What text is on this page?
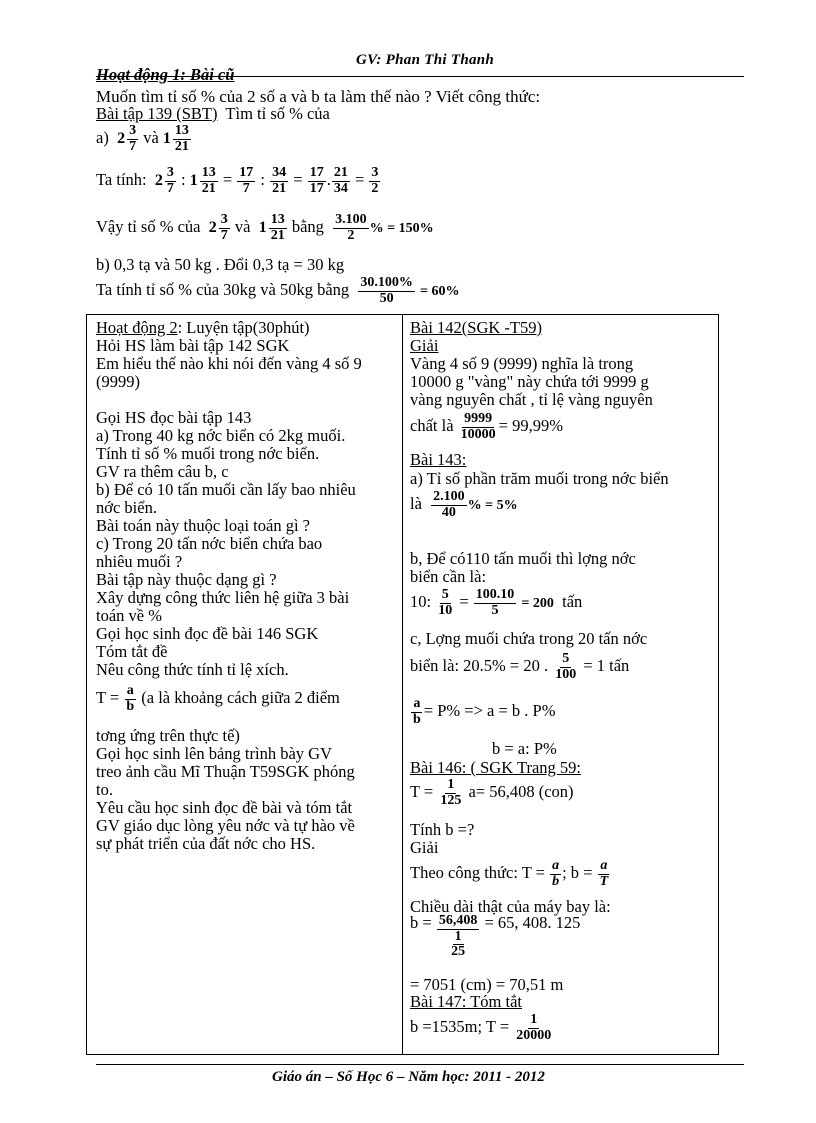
GV: Phan Thi Thanh
Hoạt động 1: Bài cũ
Muốn tìm tỉ số % của 2 số a và b ta làm thế nào ? Viết công thức:
Bài tập 139 (SBT) Tìm tỉ số % của
a) $2 \frac{3}{7}$ và $1 \frac{13}{21}$
Ta tính: $2 \frac{3}{7}$ : $1 \frac{13}{21} = \frac{17}{7}$ : $\frac{34}{21} = \frac{17}{17}$ . $\frac{21}{34} = \frac{3}{2}$
Vậy tỉ số % của $2 \frac{3}{7}$ và $1 \frac{13}{21}$ bằng $\frac{3.100}{2}$ % = 150%
b) 0,3 tạ và 50 kg . Đổi 0,3 tạ = 30 kg
Ta tính tỉ số % của 30kg và 50kg bằng $\frac{30.100\%}{50} = 60\%$
Hoạt động 2: Luyện tập(30phút)
Hỏi HS làm bài tập 142 SGK
Em hiểu thế nào khi nói đến vàng 4 số 9
(9999)
Gọi HS đọc bài tập 143
a) Trong 40 kg nớc biển có 2kg muối.
Tính tỉ số % muối trong nớc biển.
GV ra thêm câu b, c
b) Để có 10 tấn muối cần lấy bao nhiêu
nớc biển.
Bài toán này thuộc loại toán gì ?
c) Trong 20 tấn nớc biển chứa bao
nhiêu muối ?
Bài tập này thuộc dạng gì ?
Xây dựng công thức liên hệ giữa 3 bài
toán về %
Gọi học sinh đọc đề bài 146 SGK
Tóm tắt đề
Nêu công thức tính tỉ lệ xích.
$T = \frac{a}{b} (a$ là khoảng cách giữa 2 điểm
tơng ứng trên thực tế)
Gọi học sinh lên bảng trình bày GV
treo ảnh cầu Mĩ Thuận T59SGK phóng
to.
Yêu cầu học sinh đọc đề bài và tóm tắt
GV giáo dục lòng yêu nớc và tự hào về
sự phát triển của đất nớc cho HS.
Bài 142(SGK -T59)
Giải
Vàng 4 số 9 (9999) nghĩa là trong
10000 g "vàng" này chứa tới 9999 g
vàng nguyên chất , tỉ lệ vàng nguyên
chất là $\frac{9999}{10000} = 99,99\%$
Bài 143:
a) Tỉ số phần trăm muối trong nớc biển
là $\frac{2.100}{40}$ % = 5%
b, Để có110 tấn muối thì lợng nớc
biển cần là:
10: $\frac{5}{10} = \frac{100.10}{5} = 200$ tấn
c, Lợng muối chứa trong 20 tấn nớc
biển là: 20.5% = 20 . $\frac{5}{100} = 1$ tấn
$\frac{a}{b} = P\% => a = b$ . P%
b = a: P%
Bài 146: ( SGK Trang 59:
$T = \frac{1}{125} a= 56,408$ (con)
Tính b =?
Giải
Theo công thức: $T = \frac{a}{b}$ ; $b = \frac{a}{T}$
Chiều dài thật của máy bay là:
$b = \frac{56,408}{\frac{1}{25}} = 65$, 408. 125
= 7051 (cm) = 70,51 m
Bài 147: Tóm tắt
b =1535m; $T = \frac{1}{20000}$
Giáo án – Số Học 6 – Năm học: 2011 - 2012
